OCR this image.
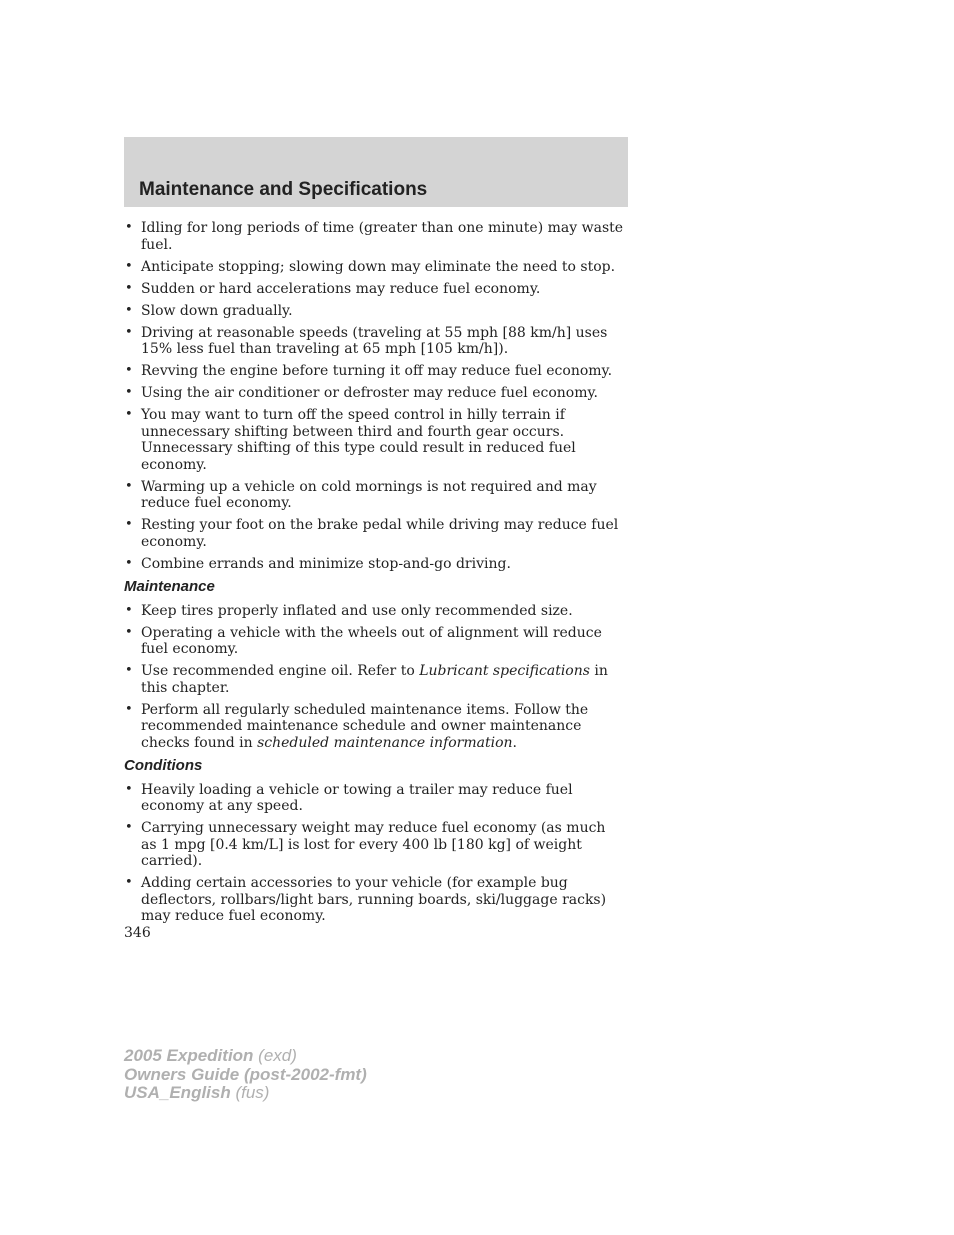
Maintenance and Specifications
• Idling for long periods of time (greater than one minute) may waste fuel.
• Anticipate stopping; slowing down may eliminate the need to stop.
• Sudden or hard accelerations may reduce fuel economy.
• Slow down gradually.
• Driving at reasonable speeds (traveling at 55 mph [88 km/h] uses 15% less fuel than traveling at 65 mph [105 km/h]).
• Revving the engine before turning it off may reduce fuel economy.
• Using the air conditioner or defroster may reduce fuel economy.
• You may want to turn off the speed control in hilly terrain if unnecessary shifting between third and fourth gear occurs. Unnecessary shifting of this type could result in reduced fuel economy.
• Warming up a vehicle on cold mornings is not required and may reduce fuel economy.
• Resting your foot on the brake pedal while driving may reduce fuel economy.
• Combine errands and minimize stop-and-go driving.
Maintenance
• Keep tires properly inflated and use only recommended size.
• Operating a vehicle with the wheels out of alignment will reduce fuel economy.
• Use recommended engine oil. Refer to Lubricant specifications in this chapter.
• Perform all regularly scheduled maintenance items. Follow the recommended maintenance schedule and owner maintenance checks found in scheduled maintenance information.
Conditions
• Heavily loading a vehicle or towing a trailer may reduce fuel economy at any speed.
• Carrying unnecessary weight may reduce fuel economy (as much as 1 mpg [0.4 km/L] is lost for every 400 lb [180 kg] of weight carried).
• Adding certain accessories to your vehicle (for example bug deflectors, rollbars/light bars, running boards, ski/luggage racks) may reduce fuel economy.
346
2005 Expedition (exd)
Owners Guide (post-2002-fmt)
USA_English (fus)
